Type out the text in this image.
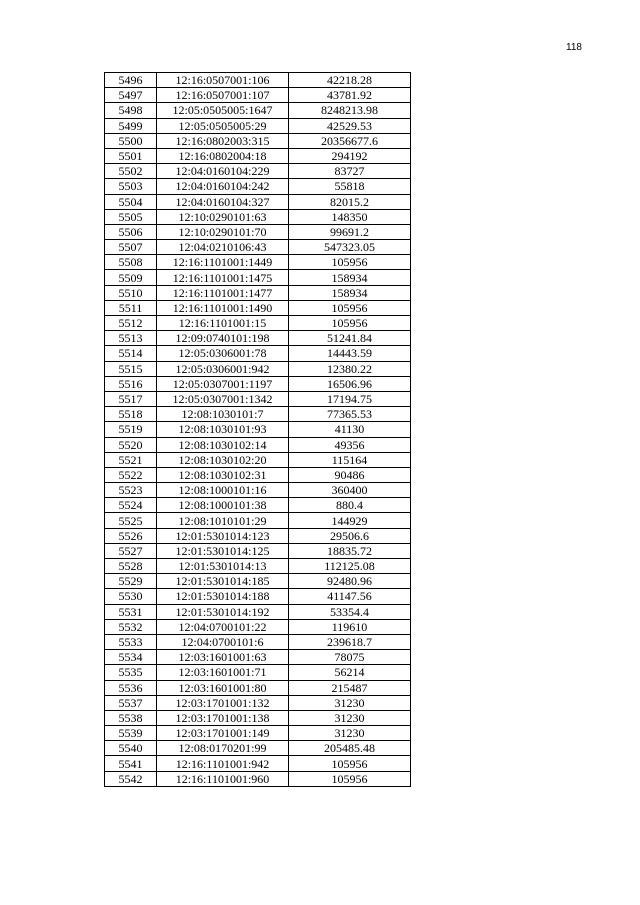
118
5496	12:16:0507001:106	42218.28
5497	12:16:0507001:107	43781.92
5498	12:05:0505005:1647	8248213.98
5499	12:05:0505005:29	42529.53
5500	12:16:0802003:315	20356677.6
5501	12:16:0802004:18	294192
5502	12:04:0160104:229	83727
5503	12:04:0160104:242	55818
5504	12:04:0160104:327	82015.2
5505	12:10:0290101:63	148350
5506	12:10:0290101:70	99691.2
5507	12:04:0210106:43	547323.05
5508	12:16:1101001:1449	105956
5509	12:16:1101001:1475	158934
5510	12:16:1101001:1477	158934
5511	12:16:1101001:1490	105956
5512	12:16:1101001:15	105956
5513	12:09:0740101:198	51241.84
5514	12:05:0306001:78	14443.59
5515	12:05:0306001:942	12380.22
5516	12:05:0307001:1197	16506.96
5517	12:05:0307001:1342	17194.75
5518	12:08:1030101:7	77365.53
5519	12:08:1030101:93	41130
5520	12:08:1030102:14	49356
5521	12:08:1030102:20	115164
5522	12:08:1030102:31	90486
5523	12:08:1000101:16	360400
5524	12:08:1000101:38	880.4
5525	12:08:1010101:29	144929
5526	12:01:5301014:123	29506.6
5527	12:01:5301014:125	18835.72
5528	12:01:5301014:13	112125.08
5529	12:01:5301014:185	92480.96
5530	12:01:5301014:188	41147.56
5531	12:01:5301014:192	53354.4
5532	12:04:0700101:22	119610
5533	12:04:0700101:6	239618.7
5534	12:03:1601001:63	78075
5535	12:03:1601001:71	56214
5536	12:03:1601001:80	215487
5537	12:03:1701001:132	31230
5538	12:03:1701001:138	31230
5539	12:03:1701001:149	31230
5540	12:08:0170201:99	205485.48
5541	12:16:1101001:942	105956
5542	12:16:1101001:960	105956
